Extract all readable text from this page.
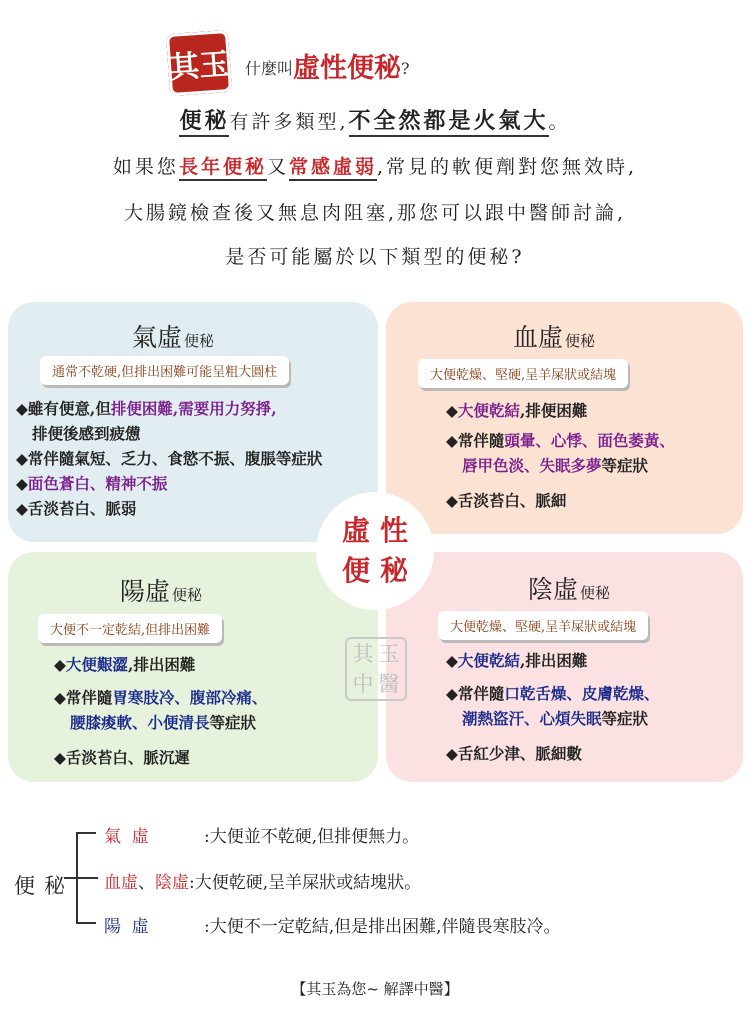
其玉 什麼叫虛性便秘?
便秘有許多類型,不全然都是火氣大。
如果您長年便秘又常感虛弱,常見的軟便劑對您無效時,
大腸鏡檢查後又無息肉阻塞,那您可以跟中醫師討論,
是否可能屬於以下類型的便秘?
氣虛 便秘
通常不乾硬,但排出困難可能呈粗大圓柱
◆雖有便意,但排便困難,需要用力努掙,
排便後感到疲憊
◆常伴隨氣短、乏力、食慾不振、腹脹等症狀
◆面色蒼白、精神不振
◆舌淡苔白、脈弱
血虛 便秘
大便乾燥、堅硬,呈羊屎狀或結塊
◆大便乾結,排便困難
◆常伴隨頭暈、心悸、面色萎黃、
唇甲色淡、失眠多夢等症狀
◆舌淡苔白、脈細
虛性
便秘
陽虛 便秘
大便不一定乾結,但排出困難
◆大便艱澀,排出困難
◆常伴隨胃寒肢冷、腹部冷痛、
腰膝痠軟、小便清長等症狀
◆舌淡苔白、脈沉遲
陰虛 便秘
大便乾燥、堅硬,呈羊屎狀或結塊
◆大便乾結,排出困難
◆常伴隨口乾舌燥、皮膚乾燥、
潮熱盜汗、心煩失眠等症狀
◆舌紅少津、脈細數
其 玉
中 醫
便秘
氣  虛	:大便並不乾硬,但排便無力。
血虛、陰虛:大便乾硬,呈羊屎狀或結塊狀。
陽  虛	:大便不一定乾結,但是排出困難,伴隨畏寒肢冷。
【其玉為您~ 解譯中醫】
